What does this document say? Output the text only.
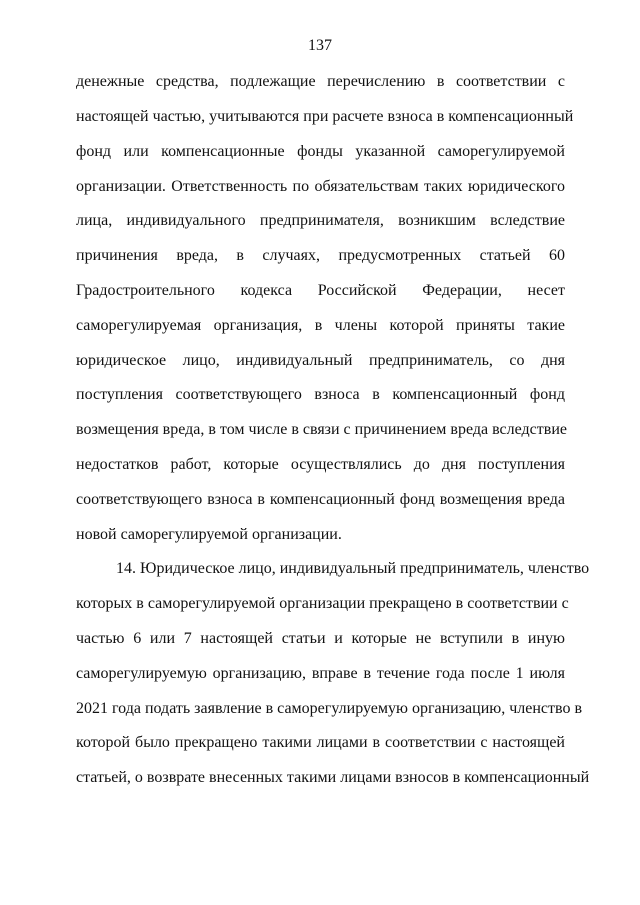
137
денежные средства, подлежащие перечислению в соответствии с
настоящей частью, учитываются при расчете взноса в компенсационный
фонд или компенсационные фонды указанной саморегулируемой
организации. Ответственность по обязательствам таких юридического
лица, индивидуального предпринимателя, возникшим вследствие
причинения вреда, в случаях, предусмотренных статьей 60
Градостроительного кодекса Российской Федерации, несет
саморегулируемая организация, в члены которой приняты такие
юридическое лицо, индивидуальный предприниматель, со дня
поступления соответствующего взноса в компенсационный фонд
возмещения вреда, в том числе в связи с причинением вреда вследствие
недостатков работ, которые осуществлялись до дня поступления
соответствующего взноса в компенсационный фонд возмещения вреда
новой саморегулируемой организации.
14. Юридическое лицо, индивидуальный предприниматель, членство
которых в саморегулируемой организации прекращено в соответствии с
частью 6 или 7 настоящей статьи и которые не вступили в иную
саморегулируемую организацию, вправе в течение года после 1 июля
2021 года подать заявление в саморегулируемую организацию, членство в
которой было прекращено такими лицами в соответствии с настоящей
статьей, о возврате внесенных такими лицами взносов в компенсационный
